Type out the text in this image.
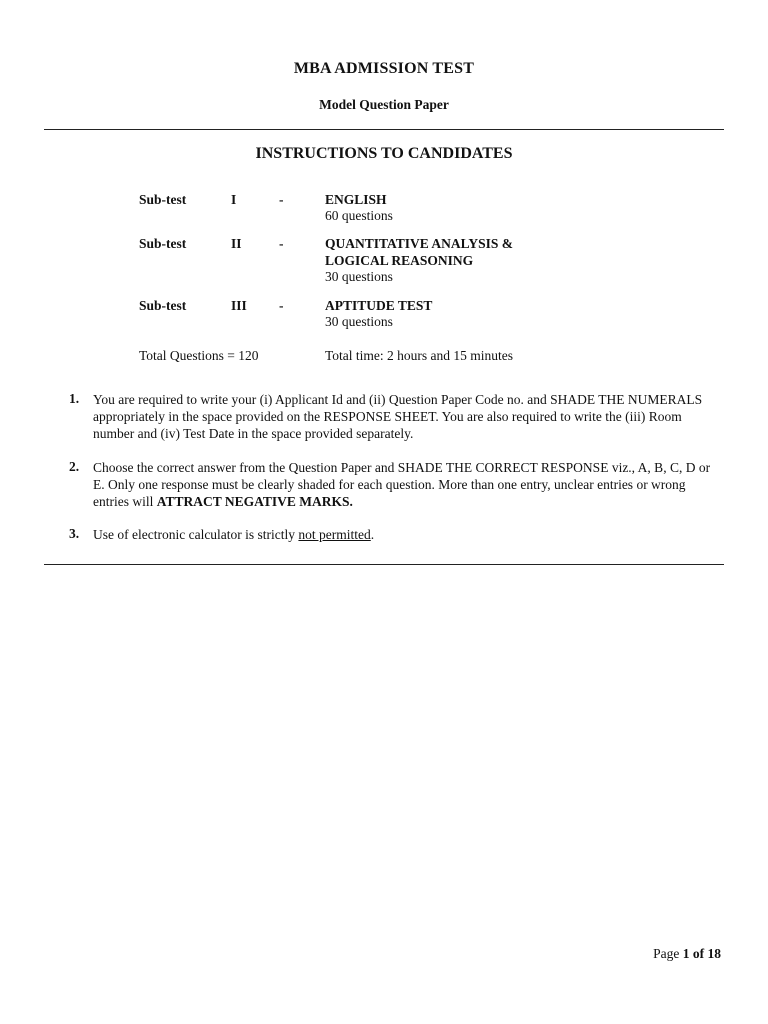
MBA ADMISSION TEST
Model Question Paper
INSTRUCTIONS TO CANDIDATES
Sub-test	I	-	ENGLISH
60 questions
Sub-test	II	-	QUANTITATIVE ANALYSIS &
LOGICAL REASONING
30 questions
Sub-test	III -	APTITUDE TEST
30 questions
Total Questions = 120	Total time: 2 hours and 15 minutes
1. You are required to write your (i) Applicant Id and (ii) Question Paper Code no. and SHADE THE NUMERALS appropriately in the space provided on the RESPONSE SHEET. You are also required to write the (iii) Room number and (iv) Test Date in the space provided separately.
2. Choose the correct answer from the Question Paper and SHADE THE CORRECT RESPONSE viz., A, B, C, D or E. Only one response must be clearly shaded for each question. More than one entry, unclear entries or wrong entries will ATTRACT NEGATIVE MARKS.
3. Use of electronic calculator is strictly not permitted.
Page 1 of 18
